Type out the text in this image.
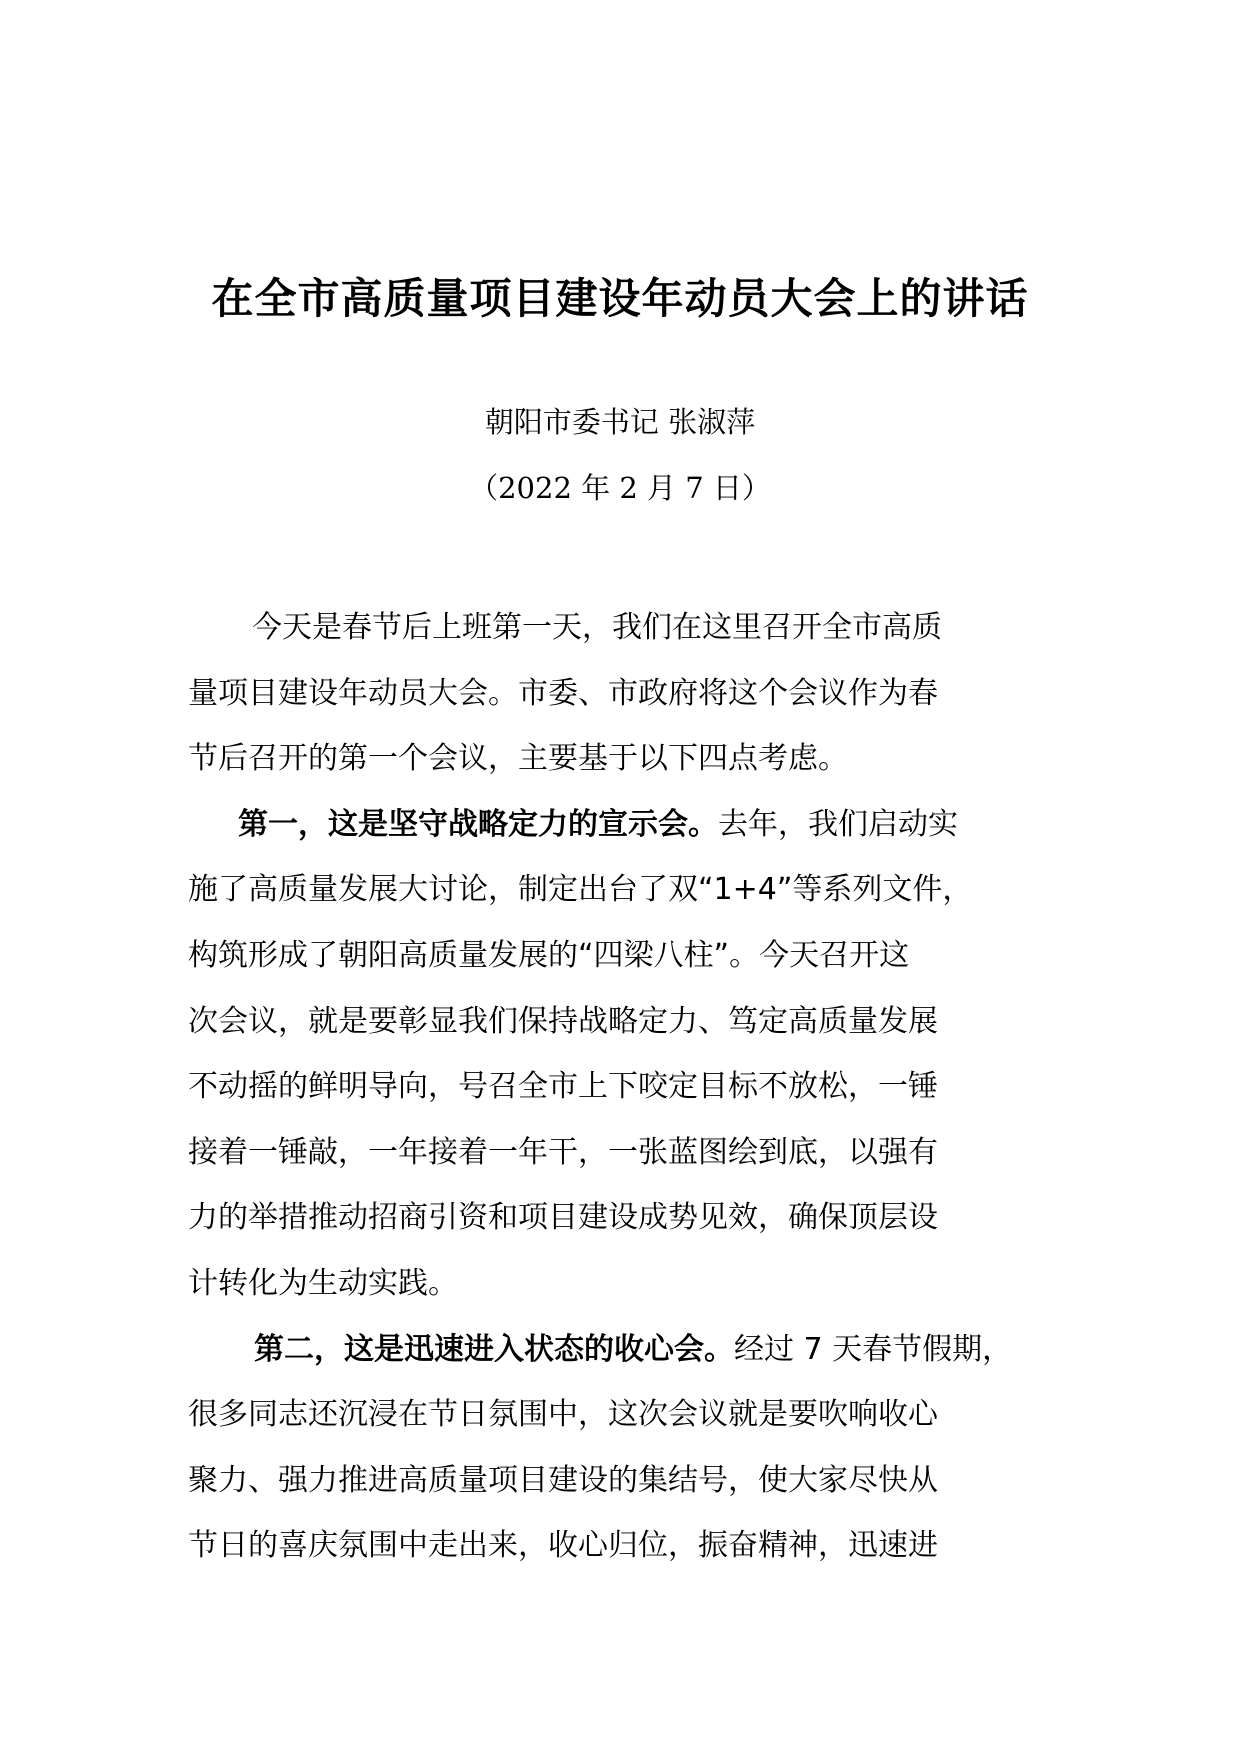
在全市高质量项目建设年动员大会上的讲话
朝阳市委书记 张淑萍
（2022 年 2 月 7 日）

今天是春节后上班第一天，我们在这里召开全市高质
量项目建设年动员大会。市委、市政府将这个会议作为春
节后召开的第一个会议，主要基于以下四点考虑。

第一，这是坚守战略定力的宣示会。去年，我们启动实
施了高质量发展大讨论，制定出台了双“1+4”等系列文件，
构筑形成了朝阳高质量发展的“四梁八柱”。今天召开这
次会议，就是要彰显我们保持战略定力、笃定高质量发展
不动摇的鲜明导向，号召全市上下咬定目标不放松，一锤
接着一锤敲，一年接着一年干，一张蓝图绘到底，以强有
力的举措推动招商引资和项目建设成势见效，确保顶层设
计转化为生动实践。

第二，这是迅速进入状态的收心会。经过 7 天春节假期，
很多同志还沉浸在节日氛围中，这次会议就是要吹响收心
聚力、强力推进高质量项目建设的集结号，使大家尽快从
节日的喜庆氛围中走出来，收心归位，振奋精神，迅速进
